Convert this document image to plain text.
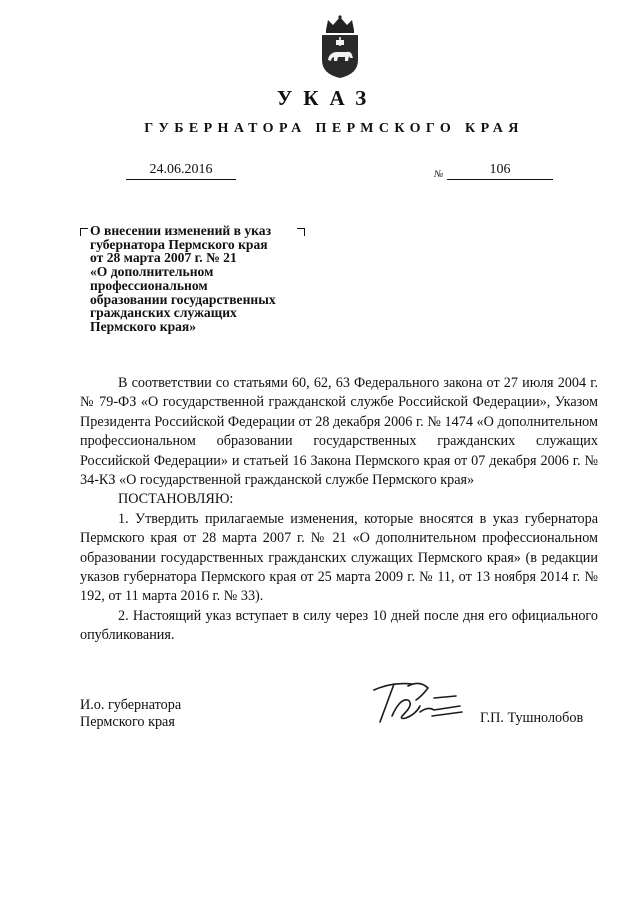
УКАЗ
ГУБЕРНАТОРА ПЕРМСКОГО КРАЯ
24.06.2016	№	106
О внесении изменений в указ
губернатора Пермского края
от 28 марта 2007 г. № 21
«О дополнительном
профессиональном
образовании государственных
гражданских служащих
Пермского края»

В соответствии со статьями 60, 62, 63 Федерального закона от 27 июля 2004 г. № 79-ФЗ «О государственной гражданской службе Российской Федерации», Указом Президента Российской Федерации от 28 декабря 2006 г. № 1474 «О дополнительном профессиональном образовании государственных гражданских служащих Российской Федерации» и статьей 16 Закона Пермского края от 07 декабря 2006 г. № 34-КЗ «О государственной гражданской службе Пермского края»

ПОСТАНОВЛЯЮ:

1. Утвердить прилагаемые изменения, которые вносятся в указ губернатора Пермского края от 28 марта 2007 г. № 21 «О дополнительном профессиональном образовании государственных гражданских служащих Пермского края» (в редакции указов губернатора Пермского края от 25 марта 2009 г. № 11, от 13 ноября 2014 г. № 192, от 11 марта 2016 г. № 33).

2. Настоящий указ вступает в силу через 10 дней после дня его официального опубликования.

И.о. губернатора
Пермского края	Г.П. Тушнолобов
